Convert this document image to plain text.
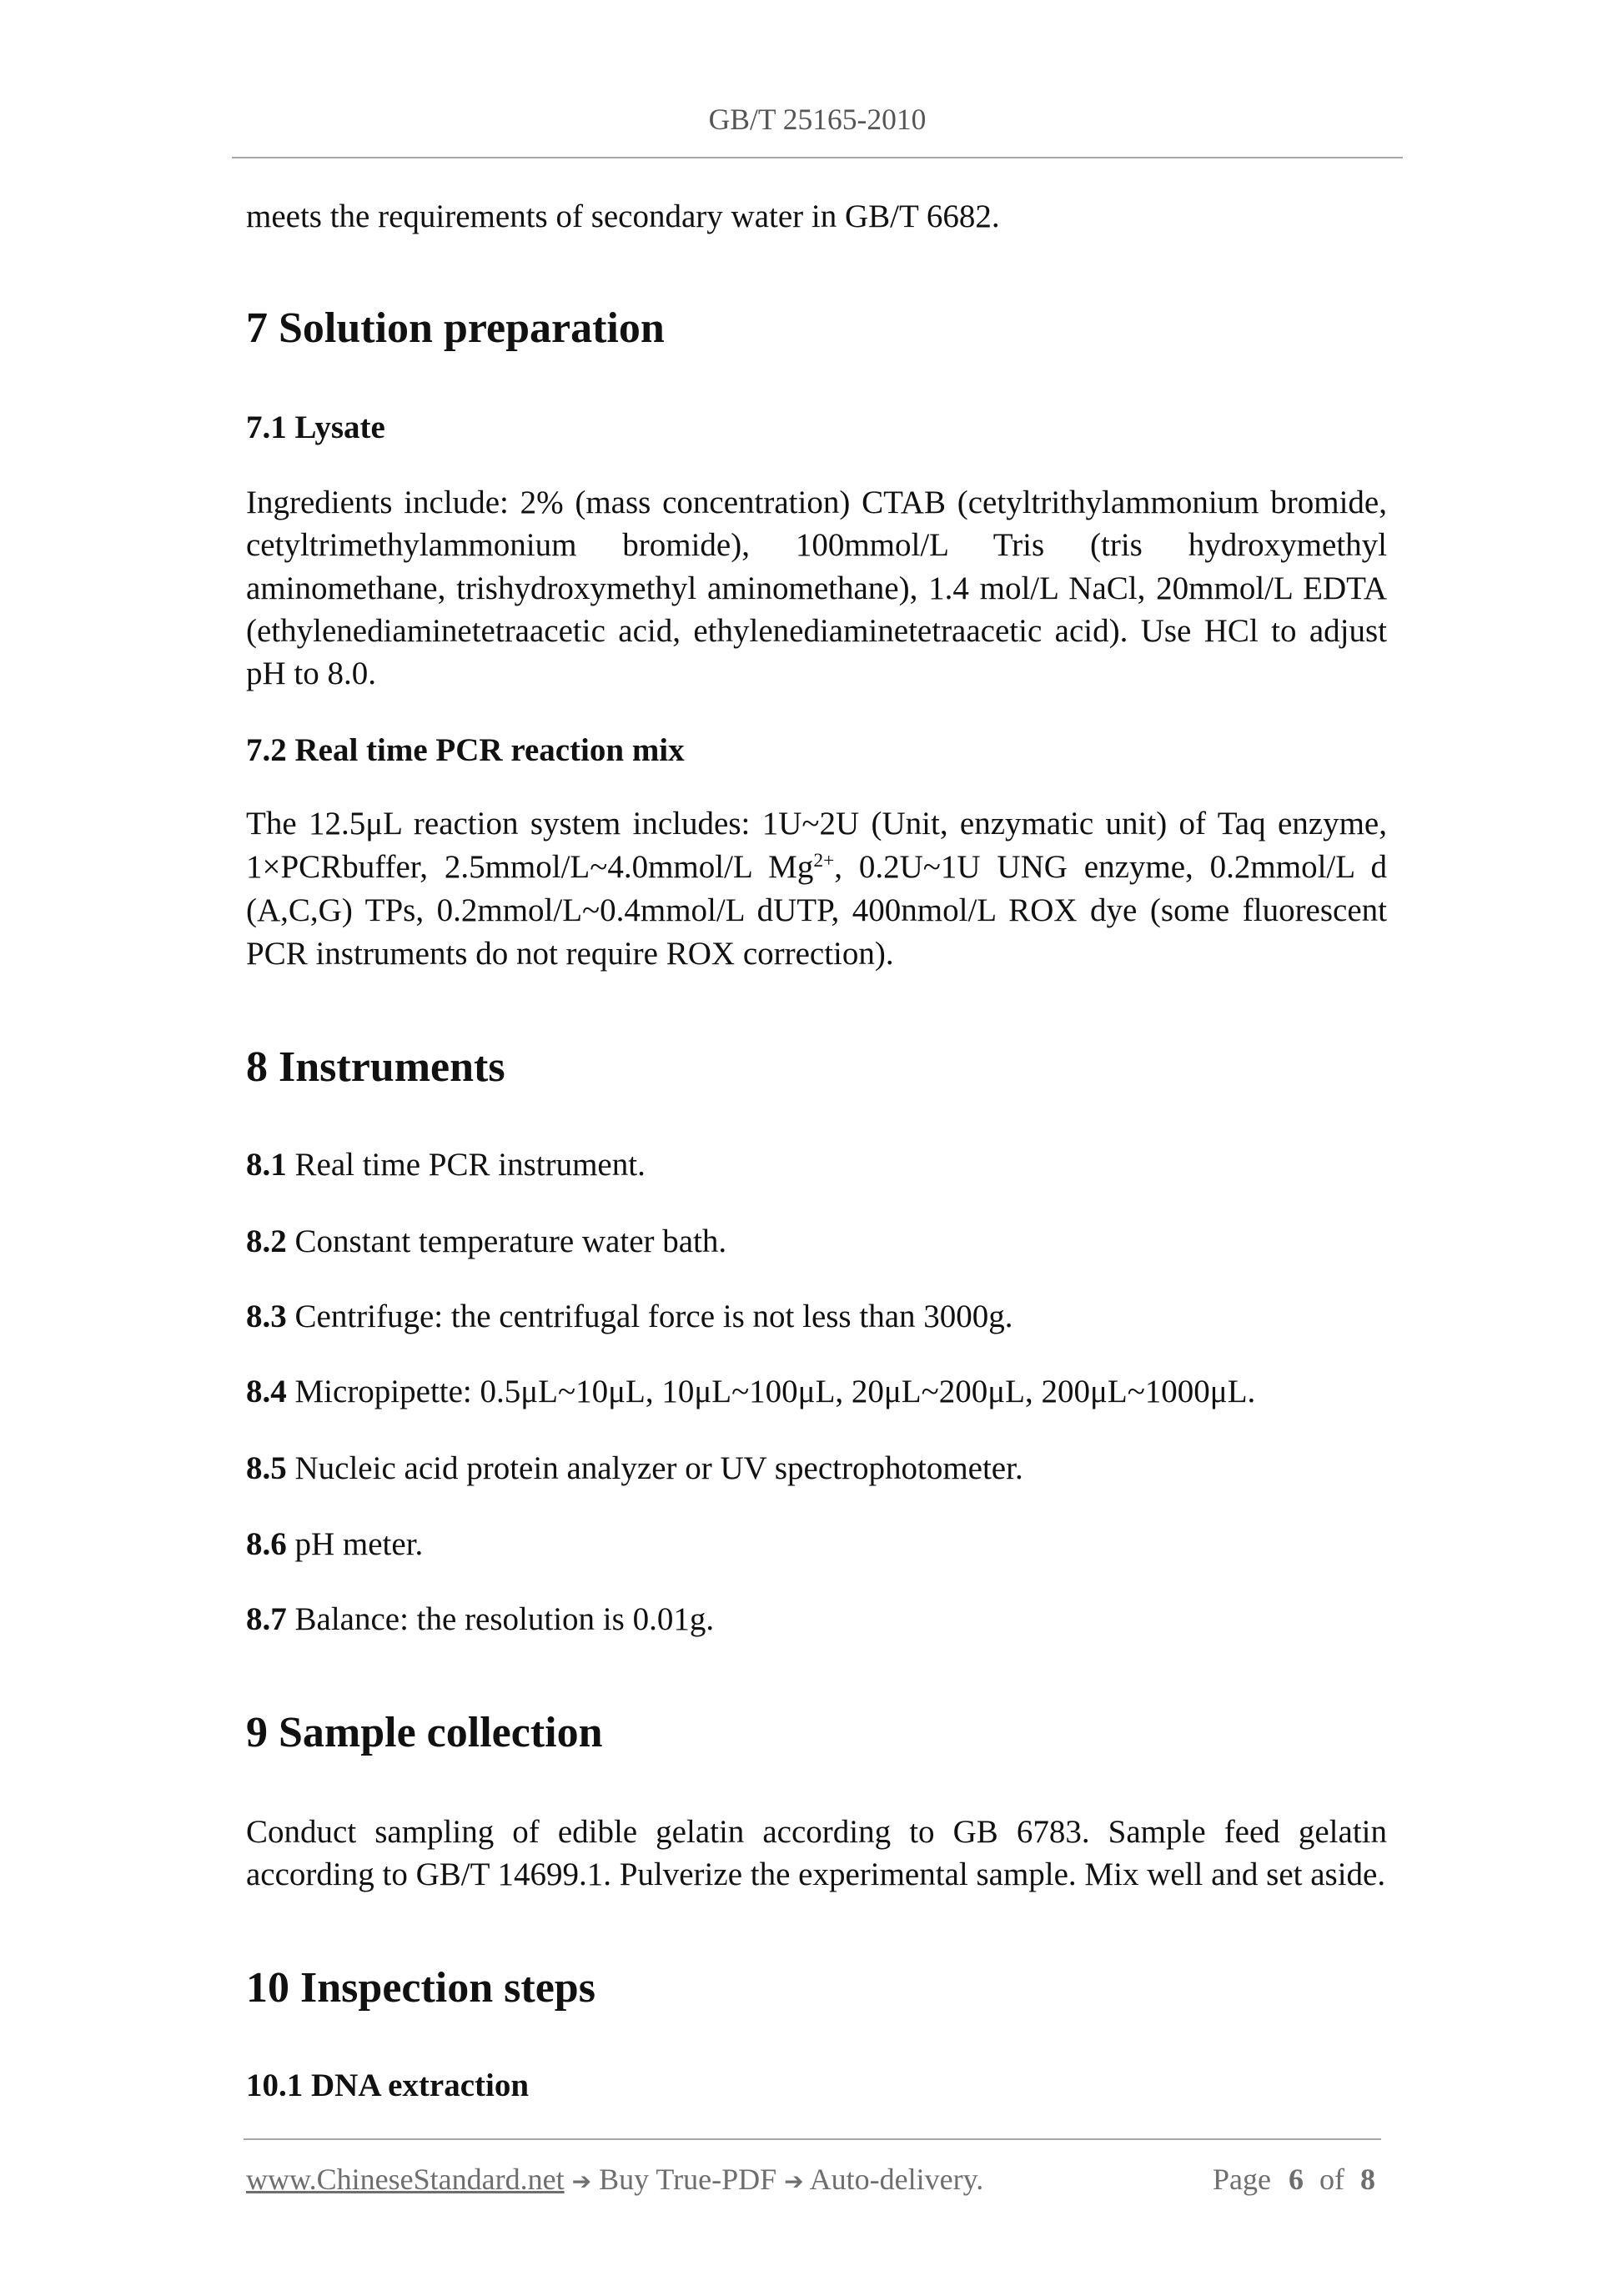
GB/T 25165-2010
meets the requirements of secondary water in GB/T 6682.
7 Solution preparation
7.1 Lysate
Ingredients include: 2% (mass concentration) CTAB (cetyltrithylammonium bromide,
cetyltrimethylammonium bromide), 100mmol/L Tris (tris hydroxymethyl
aminomethane, trishydroxymethyl aminomethane), 1.4 mol/L NaCl, 20mmol/L EDTA
(ethylenediaminetetraacetic acid, ethylenediaminetetraacetic acid). Use HCl to adjust
pH to 8.0.
7.2 Real time PCR reaction mix
The 12.5μL reaction system includes: 1U~2U (Unit, enzymatic unit) of Taq enzyme,
1×PCRbuffer, 2.5mmol/L~4.0mmol/L $Mg^{2+}$, 0.2U~1U UNG enzyme, 0.2mmol/L d
(A,C,G) TPs, 0.2mmol/L~0.4mmol/L dUTP, 400nmol/L ROX dye (some fluorescent
PCR instruments do not require ROX correction).
8 Instruments
8.1 Real time PCR instrument.
8.2 Constant temperature water bath.
8.3 Centrifuge: the centrifugal force is not less than 3000g.
8.4 Micropipette: 0.5μL~10μL, 10μL~100μL, 20μL~200μL, 200μL~1000μL.
8.5 Nucleic acid protein analyzer or UV spectrophotometer.
8.6 pH meter.
8.7 Balance: the resolution is 0.01g.
9 Sample collection
Conduct sampling of edible gelatin according to GB 6783. Sample feed gelatin
according to GB/T 14699.1. Pulverize the experimental sample. Mix well and set aside.
10 Inspection steps
10.1 DNA extraction
www.ChineseStandard.net ➔ Buy True-PDF ➔ Auto-delivery.	Page 6 of 8
